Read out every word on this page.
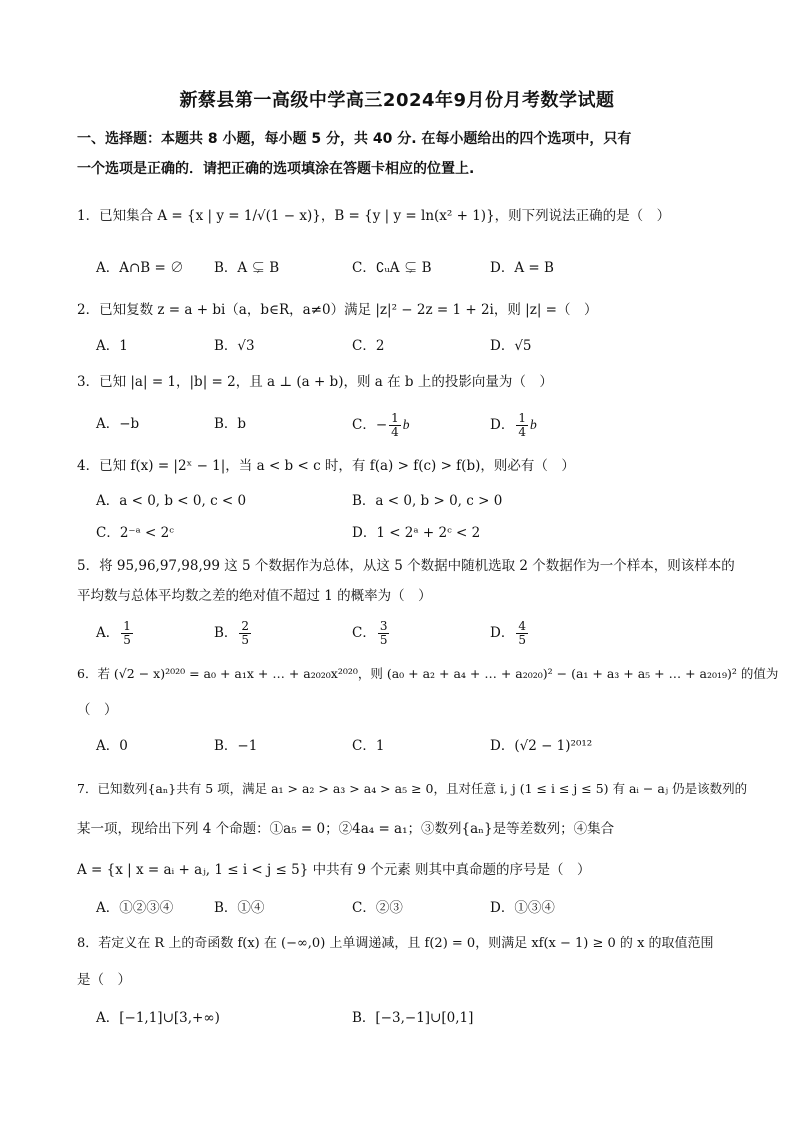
新蔡县第一高级中学高三2024年9月份月考数学试题
一、选择题：本题共 8 小题，每小题 5 分，共 40 分. 在每小题给出的四个选项中，只有
一个选项是正确的．请把正确的选项填涂在答题卡相应的位置上.
1．已知集合 A = {x | y = 1/√(1 − x)}，B = {y | y = ln(x² + 1)}，则下列说法正确的是（　）
A．A∩B = ∅ B．A ⊊ B	C．∁ᵤA ⊊ B	D．A = B
2．已知复数 z = a + bi（a，b∈R，a≠0）满足 |z|² − 2z = 1 + 2i，则 |z| =（　）
A．1	B．√3	C．2	D．√5
3．已知 |a| = 1，|b| = 2，且 a ⊥ (a + b)，则 a 在 b 上的投影向量为（　）
A．−b	B．b	C．− $\frac{1}{4}$ b	D． $\frac{1}{4}$ b
4．已知 f(x) = |2ˣ − 1|，当 a < b < c 时，有 f(a) > f(c) > f(b)，则必有（　）
A．a < 0, b < 0, c < 0	B．a < 0, b > 0, c > 0
C．2⁻ᵃ < 2ᶜ	D．1 < 2ᵃ + 2ᶜ < 2
5．将 95,96,97,98,99 这 5 个数据作为总体，从这 5 个数据中随机选取 2 个数据作为一个样本，则该样本的
平均数与总体平均数之差的绝对值不超过 1 的概率为（　）
A． $\frac{1}{5}$	B． $\frac{2}{5}$	C． $\frac{3}{5}$	D． $\frac{4}{5}$
6．若 (√2 − x)²⁰²⁰ = a₀ + a₁x + … + a₂₀₂₀x²⁰²⁰，则 (a₀ + a₂ + a₄ + … + a₂₀₂₀)² − (a₁ + a₃ + a₅ + … + a₂₀₁₉)² 的值为
（　）
A．0	B．−1	C．1	D．(√2 − 1)²⁰¹²
7．已知数列{aₙ}共有 5 项，满足 a₁ > a₂ > a₃ > a₄ > a₅ ≥ 0，且对任意 i, j (1 ≤ i ≤ j ≤ 5) 有 aᵢ − aⱼ 仍是该数列的
某一项，现给出下列 4 个命题：①a₅ = 0；②4a₄ = a₁；③数列{aₙ}是等差数列；④集合
A = {x | x = aᵢ + aⱼ, 1 ≤ i < j ≤ 5} 中共有 9 个元素 则其中真命题的序号是（　）
A．①②③④	B．①④	C．②③	D．①③④
8．若定义在 R 上的奇函数 f(x) 在 (−∞,0) 上单调递减，且 f(2) = 0，则满足 xf(x − 1) ≥ 0 的 x 的取值范围
是（　）
A．[−1,1]∪[3,+∞)	B．[−3,−1]∪[0,1]
